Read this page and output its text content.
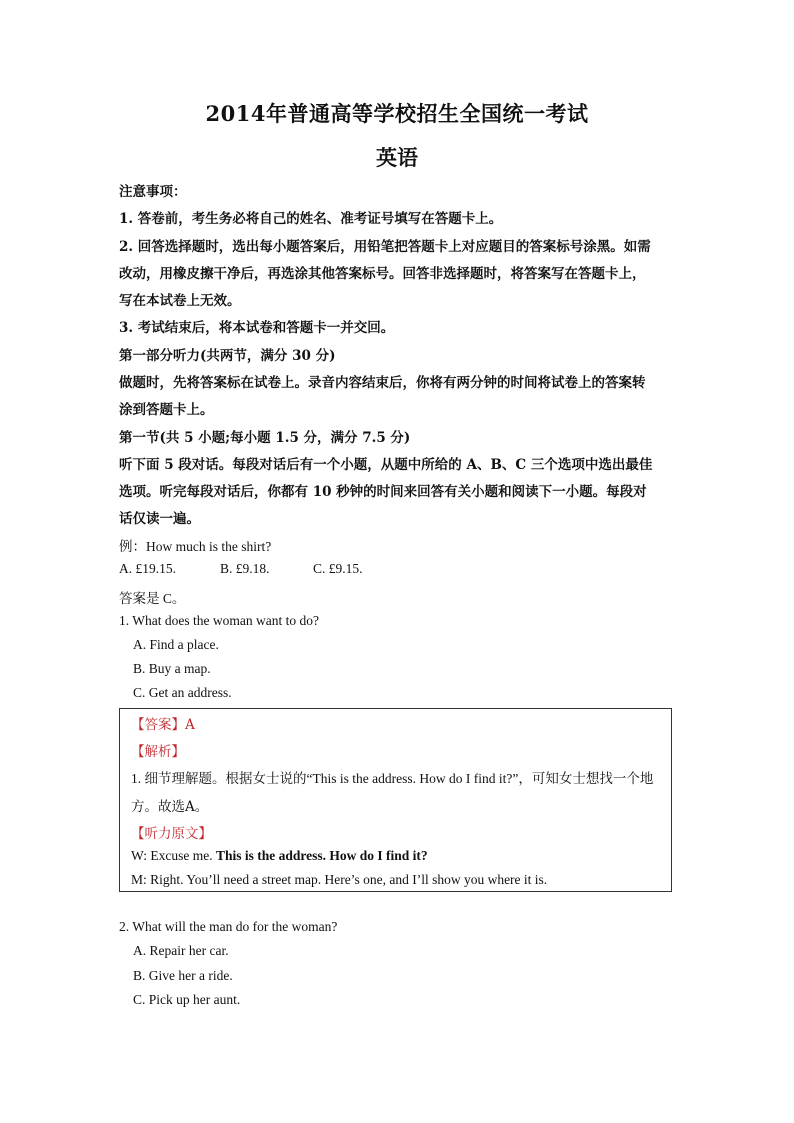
2014年普通高等学校招生全国统一考试
英语
注意事项：
1. 答卷前，考生务必将自己的姓名、准考证号填写在答题卡上。
2. 回答选择题时，选出每小题答案后，用铅笔把答题卡上对应题目的答案标号涂黑。如需
改动，用橡皮擦干净后，再选涂其他答案标号。回答非选择题时，将答案写在答题卡上，
写在本试卷上无效。
3. 考试结束后，将本试卷和答题卡一并交回。
第一部分听力(共两节，满分 30 分)
做题时，先将答案标在试卷上。录音内容结束后，你将有两分钟的时间将试卷上的答案转
涂到答题卡上。
第一节(共 5 小题;每小题 1.5 分，满分 7.5 分)
听下面 5 段对话。每段对话后有一个小题，从题中所给的 A、B、C 三个选项中选出最佳
选项。听完每段对话后，你都有 10 秒钟的时间来回答有关小题和阅读下一小题。每段对
话仅读一遍。
例：How much is the shirt?
A. £19.15.	B. £9.18.	C. £9.15.
答案是 C。
1. What does the woman want to do?
A. Find a place.
B. Buy a map.
C. Get an address.
【答案】A
【解析】
1. 细节理解题。根据女士说的“This is the address. How do I find it?”，可知女士想找一个地
方。故选A。
【听力原文】
W: Excuse me. This is the address. How do I find it?
M: Right. You’ll need a street map. Here’s one, and I’ll show you where it is.
2. What will the man do for the woman?
A. Repair her car.
B. Give her a ride.
C. Pick up her aunt.
